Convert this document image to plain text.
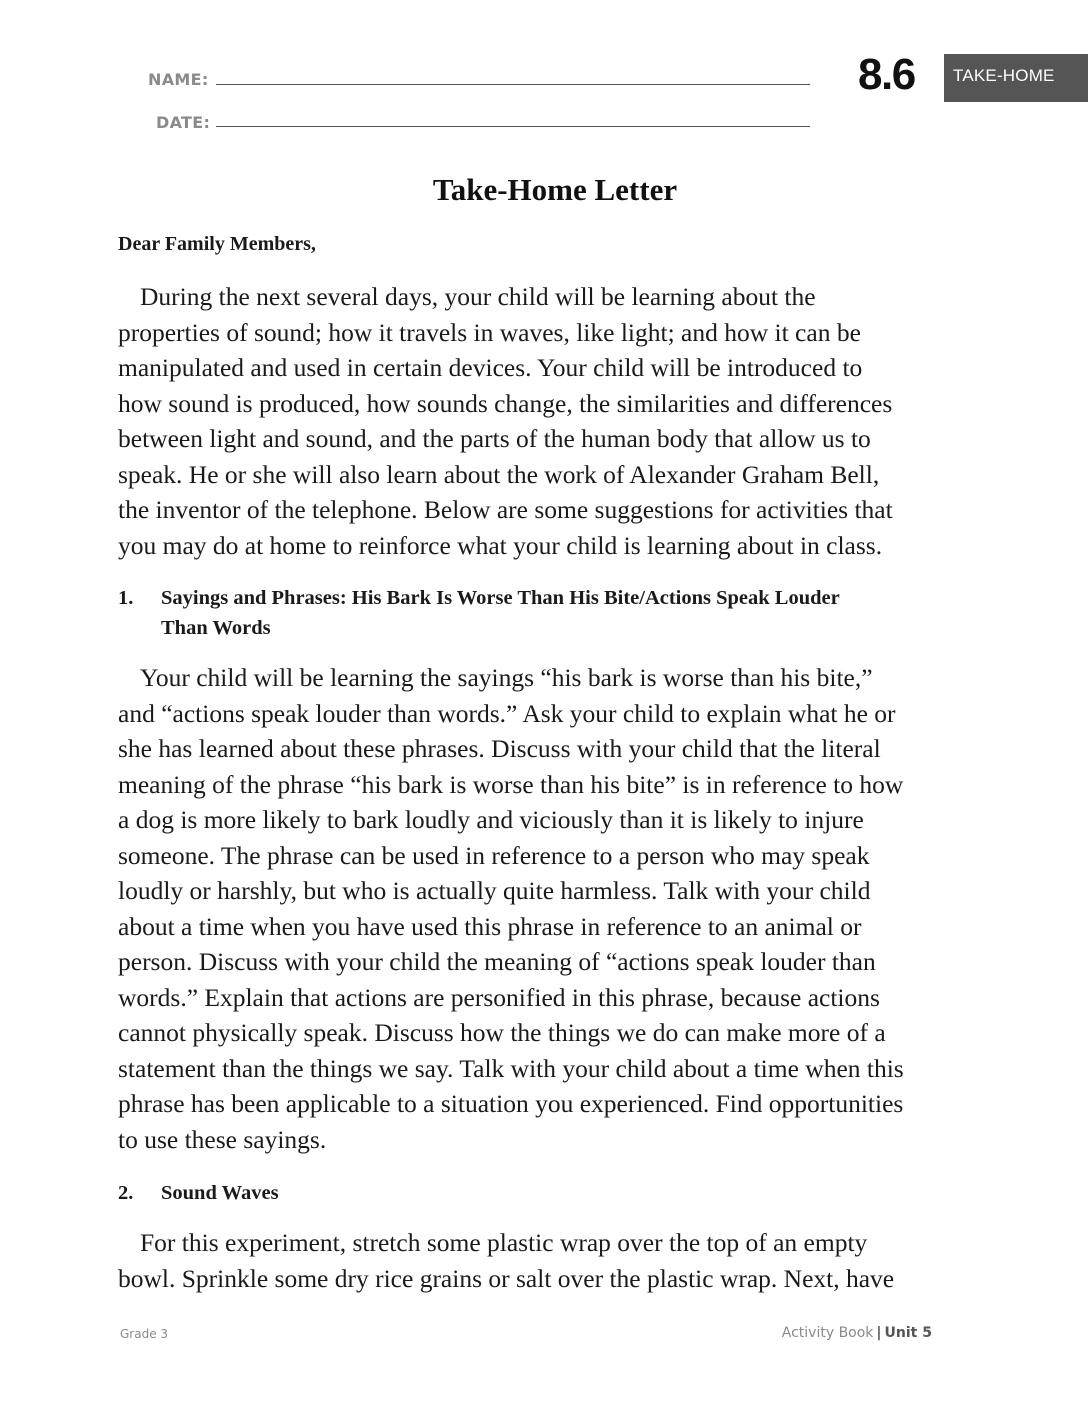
NAME:
DATE:
8.6 TAKE-HOME
Take-Home Letter
Dear Family Members,

During the next several days, your child will be learning about the
properties of sound; how it travels in waves, like light; and how it can be
manipulated and used in certain devices. Your child will be introduced to
how sound is produced, how sounds change, the similarities and differences
between light and sound, and the parts of the human body that allow us to
speak. He or she will also learn about the work of Alexander Graham Bell,
the inventor of the telephone. Below are some suggestions for activities that
you may do at home to reinforce what your child is learning about in class.

1. Sayings and Phrases: His Bark Is Worse Than His Bite/Actions Speak Louder
Than Words

Your child will be learning the sayings “his bark is worse than his bite,”
and “actions speak louder than words.” Ask your child to explain what he or
she has learned about these phrases. Discuss with your child that the literal
meaning of the phrase “his bark is worse than his bite” is in reference to how
a dog is more likely to bark loudly and viciously than it is likely to injure
someone. The phrase can be used in reference to a person who may speak
loudly or harshly, but who is actually quite harmless. Talk with your child
about a time when you have used this phrase in reference to an animal or
person. Discuss with your child the meaning of “actions speak louder than
words.” Explain that actions are personified in this phrase, because actions
cannot physically speak. Discuss how the things we do can make more of a
statement than the things we say. Talk with your child about a time when this
phrase has been applicable to a situation you experienced. Find opportunities
to use these sayings.

2. Sound Waves

For this experiment, stretch some plastic wrap over the top of an empty
bowl. Sprinkle some dry rice grains or salt over the plastic wrap. Next, have

Grade 3	Activity Book | Unit 5
